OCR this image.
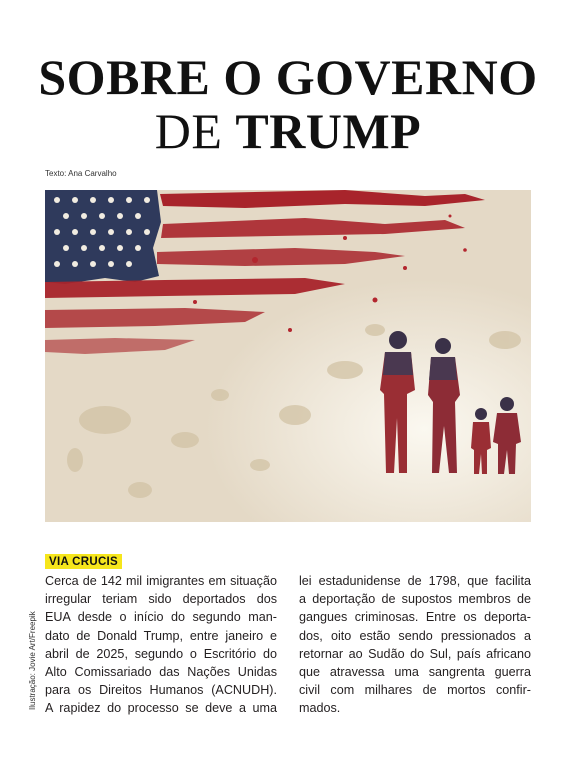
SOBRE O GOVERNO
DE TRUMP
Texto: Ana Carvalho
Ilustração: Jovie Art/Freepik
VIA CRUCIS
Cerca de 142 mil imigrantes em situação
irregular teriam sido deportados dos
EUA desde o início do segundo man-
dato de Donald Trump, entre janeiro e
abril de 2025, segundo o Escritório do
Alto Comissariado das Nações Unidas
para os Direitos Humanos (ACNUDH).
A rapidez do processo se deve a uma
lei estadunidense de 1798, que facilita
a deportação de supostos membros de
gangues criminosas. Entre os deporta-
dos, oito estão sendo pressionados a
retornar ao Sudão do Sul, país africano
que atravessa uma sangrenta guerra
civil com milhares de mortos confir-
mados.
